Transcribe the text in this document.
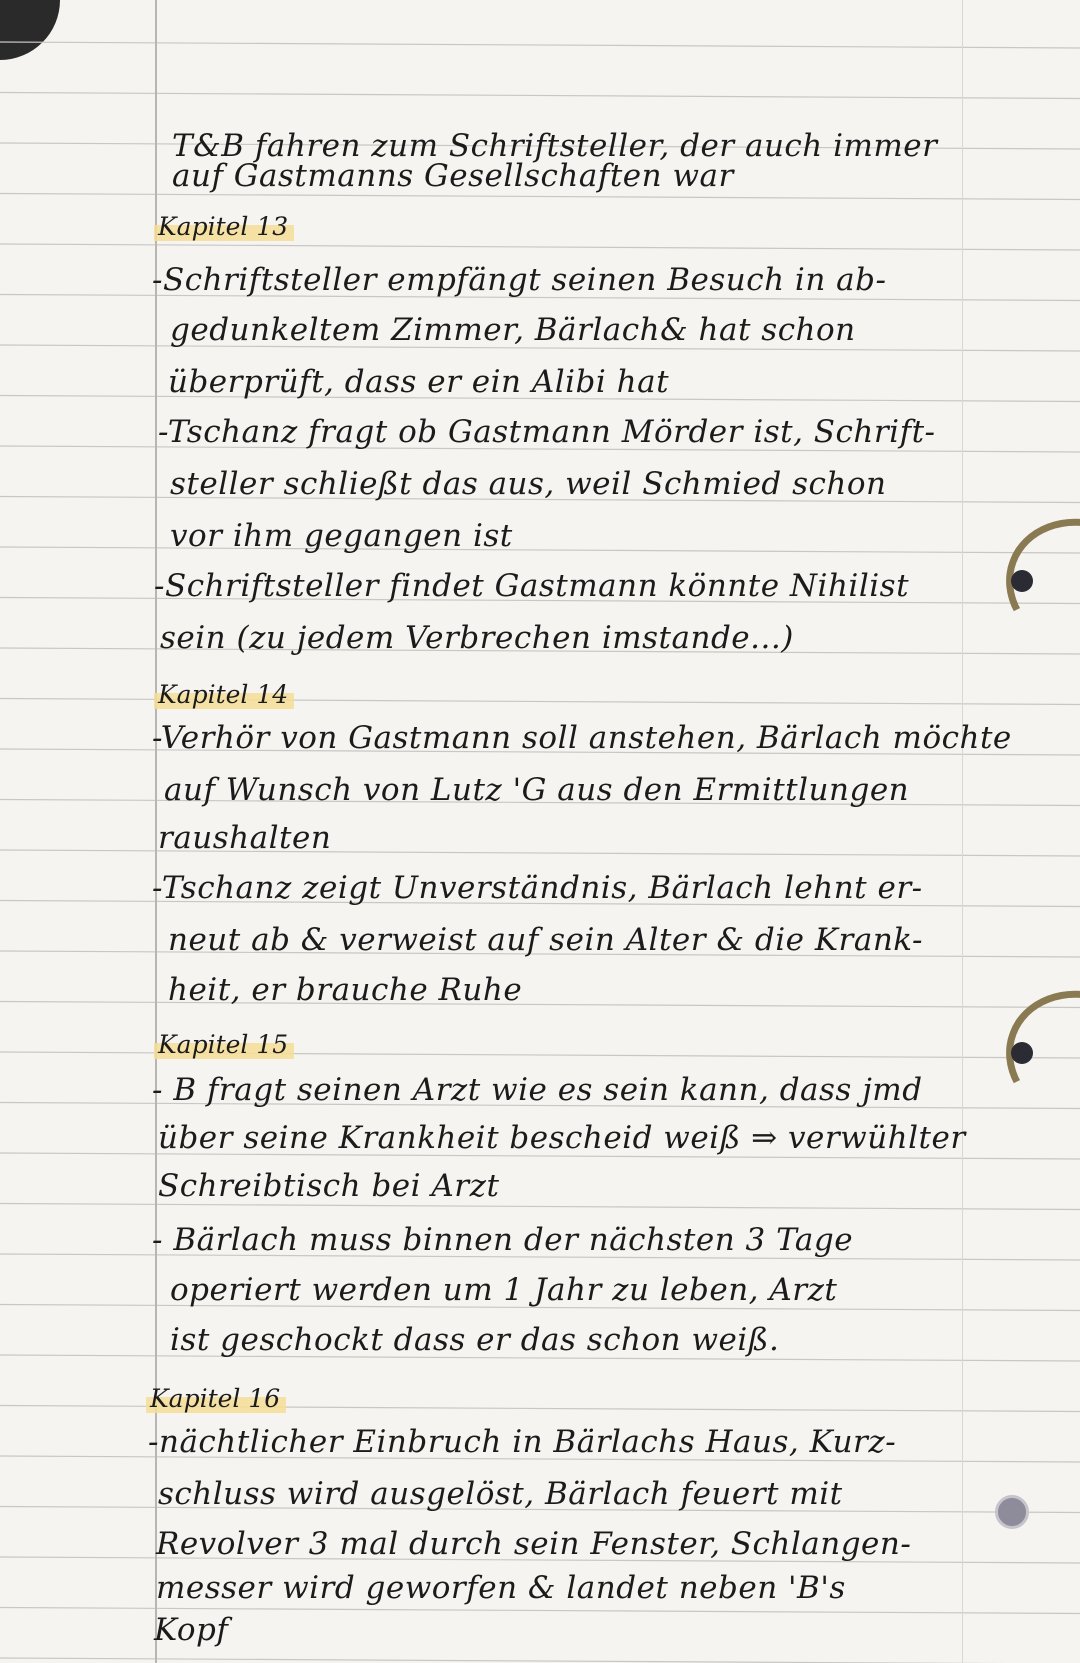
T&B fahren zum Schriftsteller, der auch immer
auf Gastmanns Gesellschaften war
Kapitel 13
-Schriftsteller empfängt seinen Besuch in ab-
gedunkeltem Zimmer, Bärlach& hat schon
überprüft, dass er ein Alibi hat
-Tschanz fragt ob Gastmann Mörder ist, Schrift-
steller schließt das aus, weil Schmied schon
vor ihm gegangen ist
-Schriftsteller findet Gastmann könnte Nihilist
sein (zu jedem Verbrechen imstande...)
Kapitel 14
-Verhör von Gastmann soll anstehen, Bärlach möchte
auf Wunsch von Lutz 'G aus den Ermittlungen
raushalten
-Tschanz zeigt Unverständnis, Bärlach lehnt er-
neut ab & verweist auf sein Alter & die Krank-
heit, er brauche Ruhe
Kapitel 15
- B fragt seinen Arzt wie es sein kann, dass jmd
über seine Krankheit bescheid weiß ⇒ verwühlter
Schreibtisch bei Arzt
- Bärlach muss binnen der nächsten 3 Tage
operiert werden um 1 Jahr zu leben, Arzt
ist geschockt dass er das schon weiß.
Kapitel 16
-nächtlicher Einbruch in Bärlachs Haus, Kurz-
schluss wird ausgelöst, Bärlach feuert mit
Revolver 3 mal durch sein Fenster, Schlangen-
messer wird geworfen & landet neben 'B's
Kopf
